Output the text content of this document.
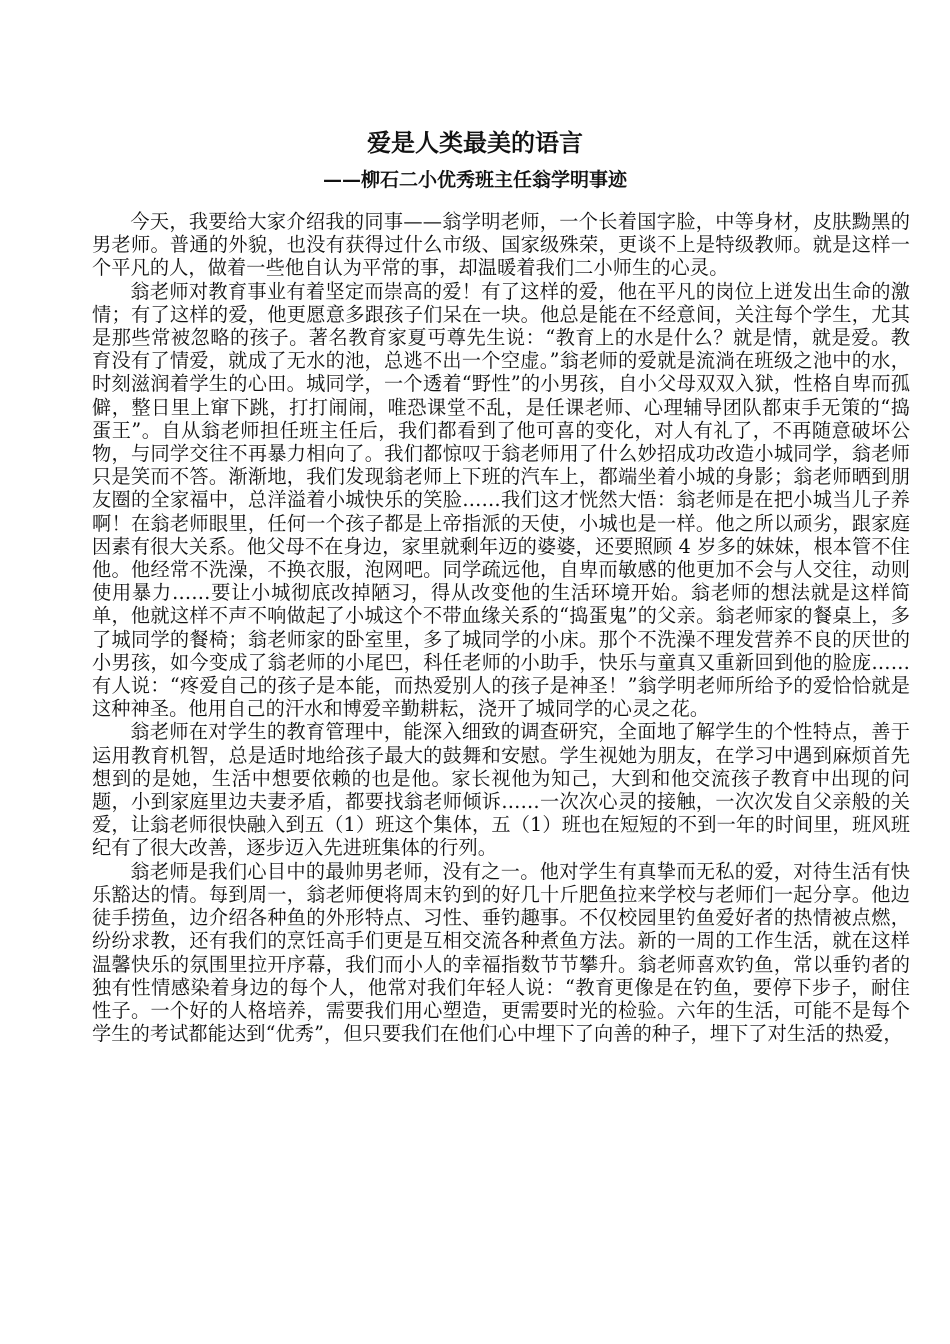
爱是人类最美的语言
——柳石二小优秀班主任翁学明事迹

今天，我要给大家介绍我的同事——翁学明老师，一个长着国字脸，中等身材，皮肤黝黑的男老师。普通的外貌，也没有获得过什么市级、国家级殊荣，更谈不上是特级教师。就是这样一个平凡的人，做着一些他自认为平常的事，却温暖着我们二小师生的心灵。

翁老师对教育事业有着坚定而崇高的爱！有了这样的爱，他在平凡的岗位上迸发出生命的激情；有了这样的爱，他更愿意多跟孩子们呆在一块。他总是能在不经意间，关注每个学生，尤其是那些常被忽略的孩子。著名教育家夏丏尊先生说：“教育上的水是什么？就是情，就是爱。教育没有了情爱，就成了无水的池，总逃不出一个空虚。”翁老师的爱就是流淌在班级之池中的水，时刻滋润着学生的心田。城同学，一个透着“野性”的小男孩，自小父母双双入狱，性格自卑而孤僻，整日里上窜下跳，打打闹闹，唯恐课堂不乱，是任课老师、心理辅导团队都束手无策的“捣蛋王”。自从翁老师担任班主任后，我们都看到了他可喜的变化，对人有礼了，不再随意破坏公物，与同学交往不再暴力相向了。我们都惊叹于翁老师用了什么妙招成功改造小城同学，翁老师只是笑而不答。渐渐地，我们发现翁老师上下班的汽车上，都端坐着小城的身影；翁老师晒到朋友圈的全家福中，总洋溢着小城快乐的笑脸……我们这才恍然大悟：翁老师是在把小城当儿子养啊！在翁老师眼里，任何一个孩子都是上帝指派的天使，小城也是一样。他之所以顽劣，跟家庭因素有很大关系。他父母不在身边，家里就剩年迈的婆婆，还要照顾 4 岁多的妹妹，根本管不住他。他经常不洗澡，不换衣服，泡网吧。同学疏远他，自卑而敏感的他更加不会与人交往，动则使用暴力……要让小城彻底改掉陋习，得从改变他的生活环境开始。翁老师的想法就是这样简单，他就这样不声不响做起了小城这个不带血缘关系的“捣蛋鬼”的父亲。翁老师家的餐桌上，多了城同学的餐椅；翁老师家的卧室里，多了城同学的小床。那个不洗澡不理发营养不良的厌世的小男孩，如今变成了翁老师的小尾巴，科任老师的小助手，快乐与童真又重新回到他的脸庞……有人说：“疼爱自己的孩子是本能，而热爱别人的孩子是神圣！”翁学明老师所给予的爱恰恰就是这种神圣。他用自己的汗水和博爱辛勤耕耘，浇开了城同学的心灵之花。

翁老师在对学生的教育管理中，能深入细致的调查研究，全面地了解学生的个性特点，善于运用教育机智，总是适时地给孩子最大的鼓舞和安慰。学生视她为朋友，在学习中遇到麻烦首先想到的是她，生活中想要依赖的也是他。家长视他为知己，大到和他交流孩子教育中出现的问题，小到家庭里边夫妻矛盾，都要找翁老师倾诉……一次次心灵的接触，一次次发自父亲般的关爱，让翁老师很快融入到五（1）班这个集体，五（1）班也在短短的不到一年的时间里，班风班纪有了很大改善，逐步迈入先进班集体的行列。

翁老师是我们心目中的最帅男老师，没有之一。他对学生有真挚而无私的爱，对待生活有快乐豁达的情。每到周一，翁老师便将周末钓到的好几十斤肥鱼拉来学校与老师们一起分享。他边徒手捞鱼，边介绍各种鱼的外形特点、习性、垂钓趣事。不仅校园里钓鱼爱好者的热情被点燃，纷纷求教，还有我们的烹饪高手们更是互相交流各种煮鱼方法。新的一周的工作生活，就在这样温馨快乐的氛围里拉开序幕，我们而小人的幸福指数节节攀升。翁老师喜欢钓鱼，常以垂钓者的独有性情感染着身边的每个人，他常对我们年轻人说：“教育更像是在钓鱼，要停下步子，耐住性子。一个好的人格培养，需要我们用心塑造，更需要时光的检验。六年的生活，可能不是每个学生的考试都能达到“优秀”，但只要我们在他们心中埋下了向善的种子，埋下了对生活的热爱，
